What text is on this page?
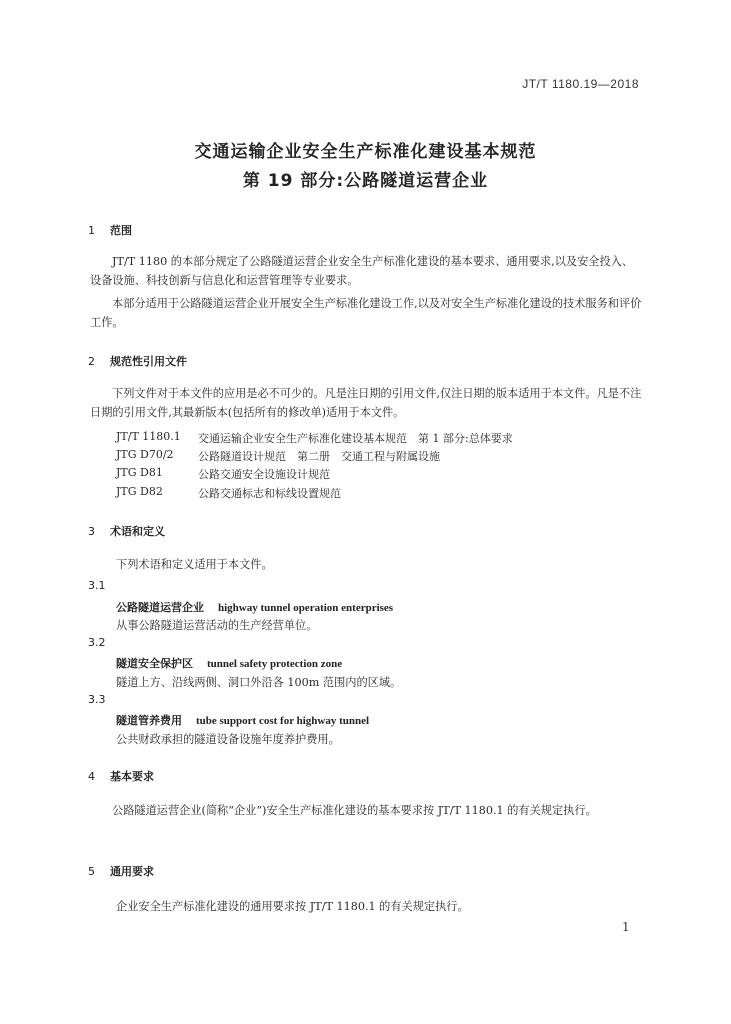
JT/T 1180.19—2018
交通运输企业安全生产标准化建设基本规范
第 19 部分:公路隧道运营企业
1 范围
JT/T 1180 的本部分规定了公路隧道运营企业安全生产标准化建设的基本要求、通用要求,以及安全投入、设备设施、科技创新与信息化和运营管理等专业要求。
本部分适用于公路隧道运营企业开展安全生产标准化建设工作,以及对安全生产标准化建设的技术服务和评价工作。
2 规范性引用文件
下列文件对于本文件的应用是必不可少的。凡是注日期的引用文件,仅注日期的版本适用于本文件。凡是不注日期的引用文件,其最新版本(包括所有的修改单)适用于本文件。
JT/T 1180.1 交通运输企业安全生产标准化建设基本规范　第 1 部分:总体要求
JTG D70/2 公路隧道设计规范　第二册　交通工程与附属设施
JTG D81	公路交通安全设施设计规范
JTG D82	公路交通标志和标线设置规范
3 术语和定义
下列术语和定义适用于本文件。
3.1
公路隧道运营企业 highway tunnel operation enterprises
从事公路隧道运营活动的生产经营单位。
3.2
隧道安全保护区 tunnel safety protection zone
隧道上方、沿线两侧、洞口外沿各 100m 范围内的区域。
3.3
隧道管养费用 tube support cost for highway tunnel
公共财政承担的隧道设备设施年度养护费用。
4 基本要求
公路隧道运营企业(简称“企业”)安全生产标准化建设的基本要求按 JT/T 1180.1 的有关规定执行。
5 通用要求
企业安全生产标准化建设的通用要求按 JT/T 1180.1 的有关规定执行。
1
